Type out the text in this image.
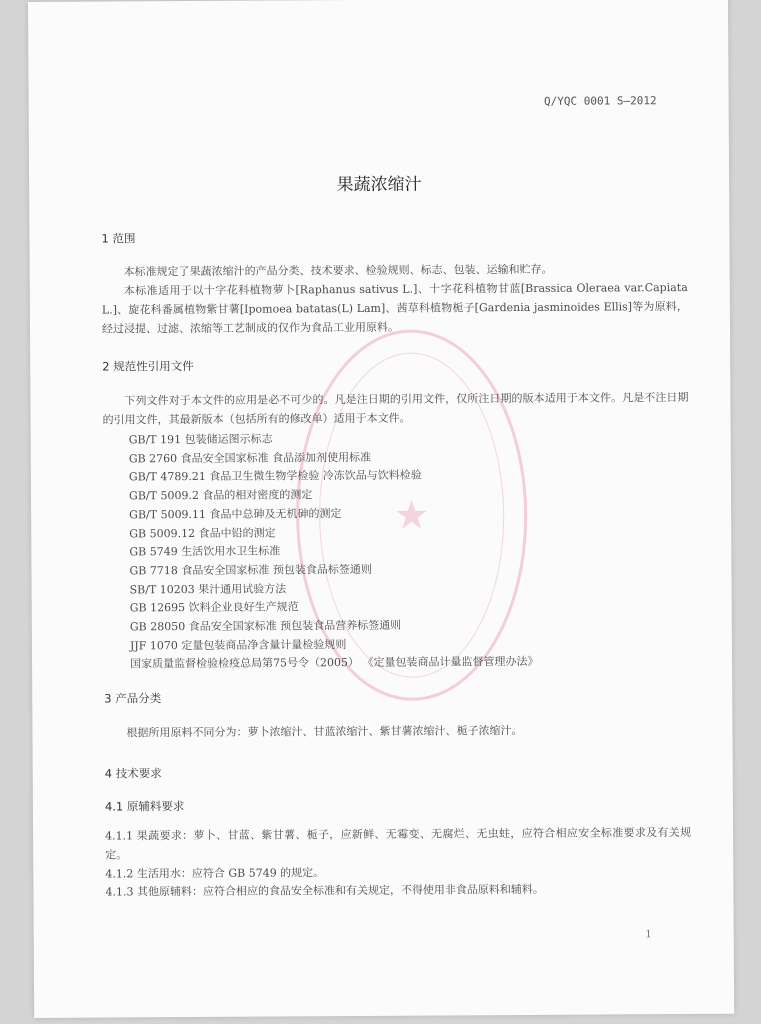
★
Q/YQC 0001 S—2012
果蔬浓缩汁
1 范围
本标准规定了果蔬浓缩汁的产品分类、技术要求、检验规则、标志、包装、运输和贮存。
本标准适用于以十字花科植物萝卜[Raphanus sativus L.]、十字花科植物甘蓝[Brassica Oleraea var.Capiata L.]、旋花科番属植物紫甘薯[Ipomoea batatas(L) Lam]、茜草科植物栀子[Gardenia jasminoides Ellis]等为原料，经过浸提、过滤、浓缩等工艺制成的仅作为食品工业用原料。
2 规范性引用文件
下列文件对于本文件的应用是必不可少的。凡是注日期的引用文件，仅所注日期的版本适用于本文件。凡是不注日期的引用文件，其最新版本（包括所有的修改单）适用于本文件。
GB/T 191 包装储运图示标志
GB 2760 食品安全国家标准 食品添加剂使用标准
GB/T 4789.21 食品卫生微生物学检验 冷冻饮品与饮料检验
GB/T 5009.2 食品的相对密度的测定
GB/T 5009.11 食品中总砷及无机砷的测定
GB 5009.12 食品中铅的测定
GB 5749 生活饮用水卫生标准
GB 7718 食品安全国家标准 预包装食品标签通则
SB/T 10203 果汁通用试验方法
GB 12695 饮料企业良好生产规范
GB 28050 食品安全国家标准 预包装食品营养标签通则
JJF 1070 定量包装商品净含量计量检验规则
国家质量监督检验检疫总局第75号令（2005） 《定量包装商品计量监督管理办法》
3 产品分类
根据所用原料不同分为：萝卜浓缩汁、甘蓝浓缩汁、紫甘薯浓缩汁、栀子浓缩汁。
4 技术要求
4.1 原辅料要求
4.1.1 果蔬要求：萝卜、甘蓝、紫甘薯、栀子，应新鲜、无霉变、无腐烂、无虫蛀，应符合相应安全标准要求及有关规定。
4.1.2 生活用水：应符合 GB 5749 的规定。
4.1.3 其他原辅料：应符合相应的食品安全标准和有关规定，不得使用非食品原料和辅料。
1
